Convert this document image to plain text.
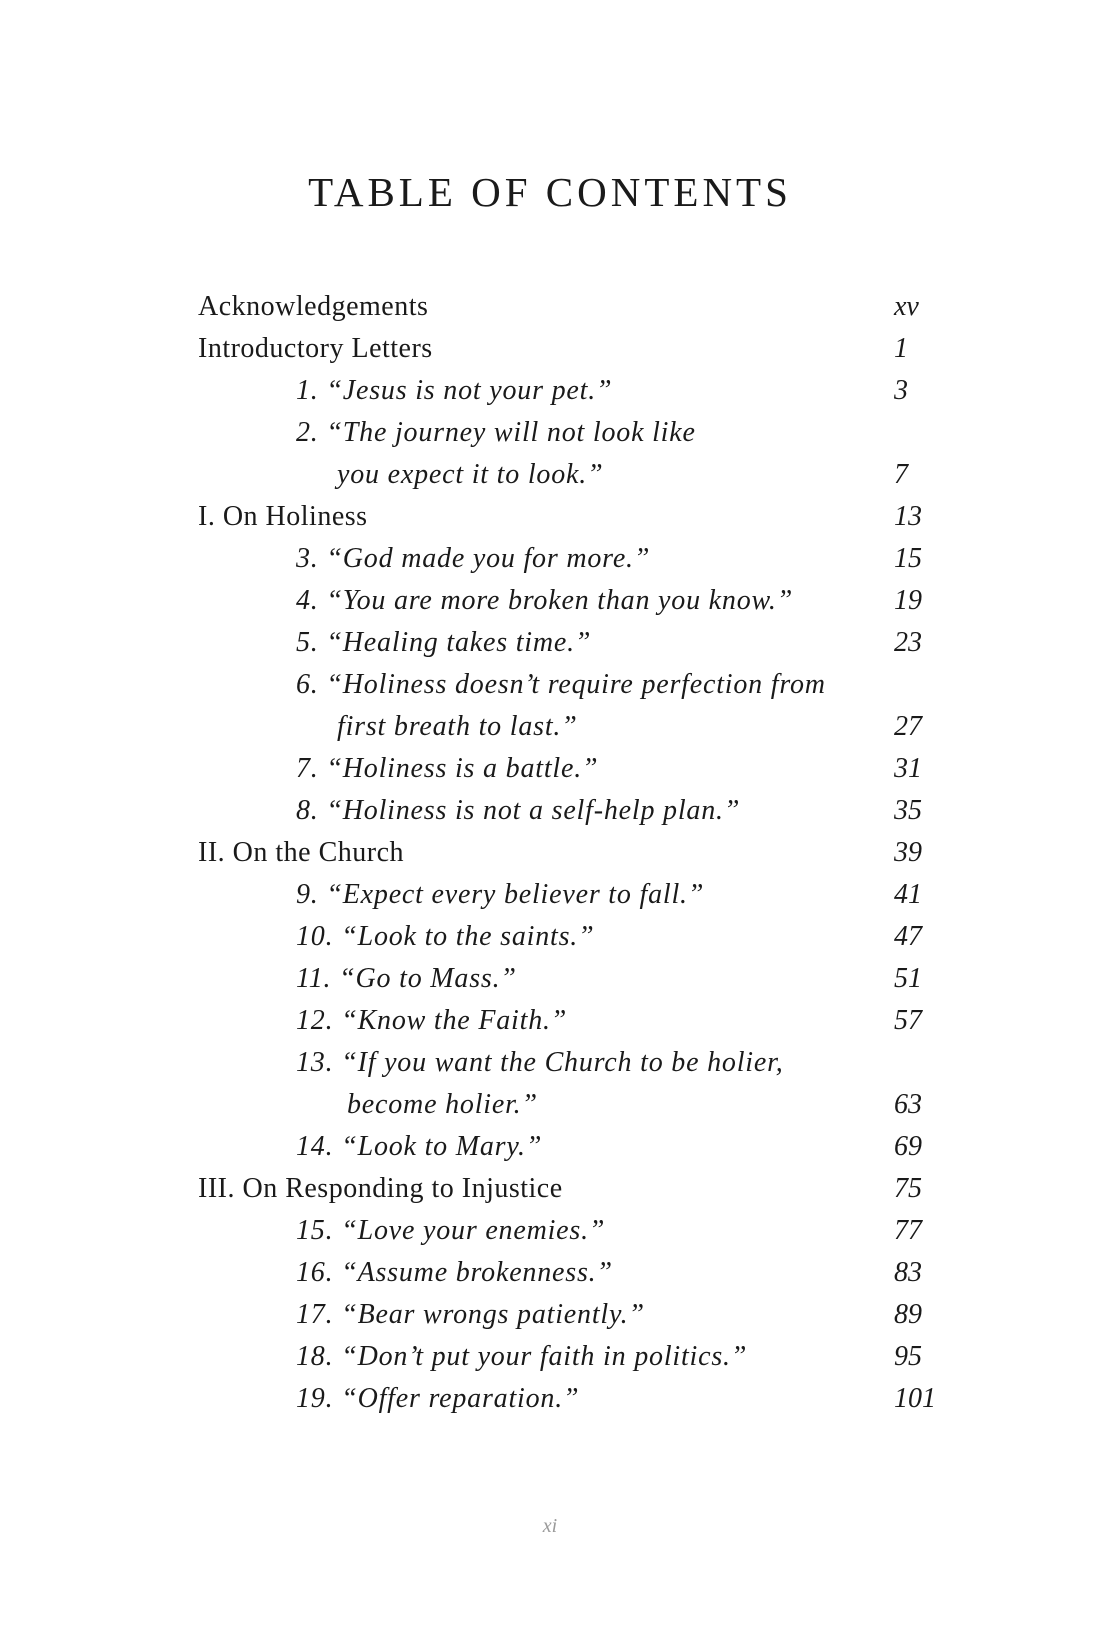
TABLE OF CONTENTS
Acknowledgements	xv
Introductory Letters	1
1. “Jesus is not your pet.”	3
2. “The journey will not look like
you expect it to look.”	7
I. On Holiness	13
3. “God made you for more.”	15
4. “You are more broken than you know.”	19
5. “Healing takes time.”	23
6. “Holiness doesn’t require perfection from
first breath to last.”	27
7. “Holiness is a battle.”	31
8. “Holiness is not a self-help plan.”	35
II. On the Church	39
9. “Expect every believer to fall.”	41
10. “Look to the saints.”	47
11. “Go to Mass.”	51
12. “Know the Faith.”	57
13. “If you want the Church to be holier,
become holier.”	63
14. “Look to Mary.”	69
III. On Responding to Injustice	75
15. “Love your enemies.”	77
16. “Assume brokenness.”	83
17. “Bear wrongs patiently.”	89
18. “Don’t put your faith in politics.”	95
19. “Offer reparation.”	101
xi
